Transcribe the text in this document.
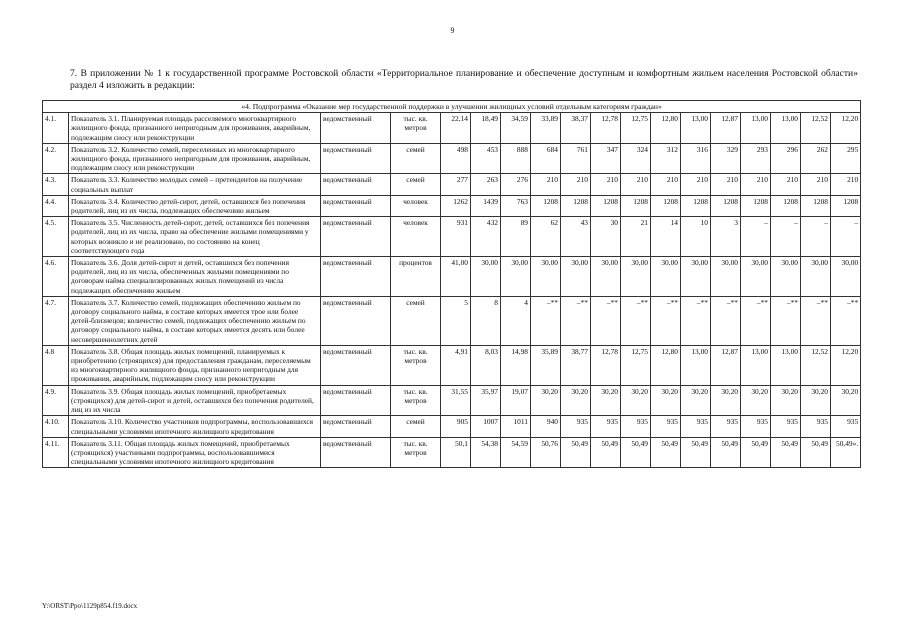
9
7. В приложении № 1 к государственной программе Ростовской области «Территориальное планирование и обеспечение доступным и комфортным жильем населения Ростовской области» раздел 4 изложить в редакции:
«4. Подпрограмма «Оказание мер государственной поддержки в улучшении жилищных условий отдельным категориям граждан»																	
4.1.	Показатель 3.1. Планируемая площадь расселяемого многоквартирного жилищного фонда, признанного непригодным для проживания, аварийным, подлежащим сносу или реконструкции	ведомственный	тыс. кв. метров	22,14	18,49	34,59	33,89	38,37	12,78	12,75	12,80	13,00	12,87	13,00	13,00	12,52	12,20
4.2.	Показатель 3.2. Количество семей, переселенных из многоквартирного жилищного фонда, признанного непригодным для проживания, аварийным, подлежащим сносу или реконструкции	ведомственный	семей	498	453	888	684	761	347	324	312	316	329	293	296	262	295
4.3.	Показатель 3.3. Количество молодых семей – претендентов на получение социальных выплат	ведомственный	семей	277	263	276	210	210	210	210	210	210	210	210	210	210	210
4.4.	Показатель 3.4. Количество детей-сирот, детей, оставшихся без попечения родителей, лиц из их числа, подлежащих обеспечению жильем	ведомственный	человек	1262	1439	763	1208	1208	1208	1208	1208	1208	1208	1208	1208	1208	1208
4.5.	Показатель 3.5. Численность детей-сирот, детей, оставшихся без попечения родителей, лиц из их числа, право на обеспечение жилыми помещениями у которых возникло и не реализовано, по состоянию на конец соответствующего года	ведомственный	человек	931	432	89	62	43	30	21	14	10	3	–	–	–	–
4.6.	Показатель 3.6. Доля детей-сирот и детей, оставшихся без попечения родителей, лиц из их числа, обеспеченных жилыми помещениями по договорам найма специализированных жилых помещений из числа подлежащих обеспечению жильем	ведомственный	процентов	41,00	30,00	30,00	30,00	30,00	30,00	30,00	30,00	30,00	30,00	30,00	30,00	30,00	30,00
4.7.	Показатель 3.7. Количество семей, подлежащих обеспечению жильем по договору социального найма, в составе которых имеется трое или более детей-близнецов; количество семей, подлежащих обеспечению жильем по договору социального найма, в составе которых имеется десять или более несовершеннолетних детей	ведомственный	семей	5	8	4	–**	–**	–**	–**	–**	–**	–**	–**	–**	–**	–**
4.8	Показатель 3.8. Общая площадь жилых помещений, планируемых к приобретению (строящихся) для предоставления гражданам, переселяемым из многоквартирного жилищного фонда, признанного непригодным для проживания, аварийным, подлежащим сносу или реконструкции	ведомственный	тыс. кв. метров	4,91	8,03	14,98	35,89	38,77	12,78	12,75	12,80	13,00	12,87	13,00	13,00	12,52	12,20
4.9.	Показатель 3.9. Общая площадь жилых помещений, приобретаемых (строящихся) для детей-сирот и детей, оставшихся без попечения родителей, лиц из их числа	ведомственный	тыс. кв. метров	31,55	35,97	19,07	30,20	30,20	30,20	30,20	30,20	30,20	30,20	30,20	30,20	30,20	30,20
4.10.	Показатель 3.10. Количество участников подпрограммы, воспользовавшихся специальными условиями ипотечного жилищного кредитования	ведомственный	семей	905	1007	1011	940	935	935	935	935	935	935	935	935	935	935
4.11.	Показатель 3.11. Общая площадь жилых помещений, приобретаемых (строящихся) участниками подпрограммы, воспользовавшимися специальными условиями ипотечного жилищного кредитования	ведомственный	тыс. кв. метров	50,1	54,38	54,59	50,76	50,49	50,49	50,49	50,49	50,49	50,49	50,49	50,49	50,49	50,49».
Y:\ORST\Ppo\1129p854.f19.docx
